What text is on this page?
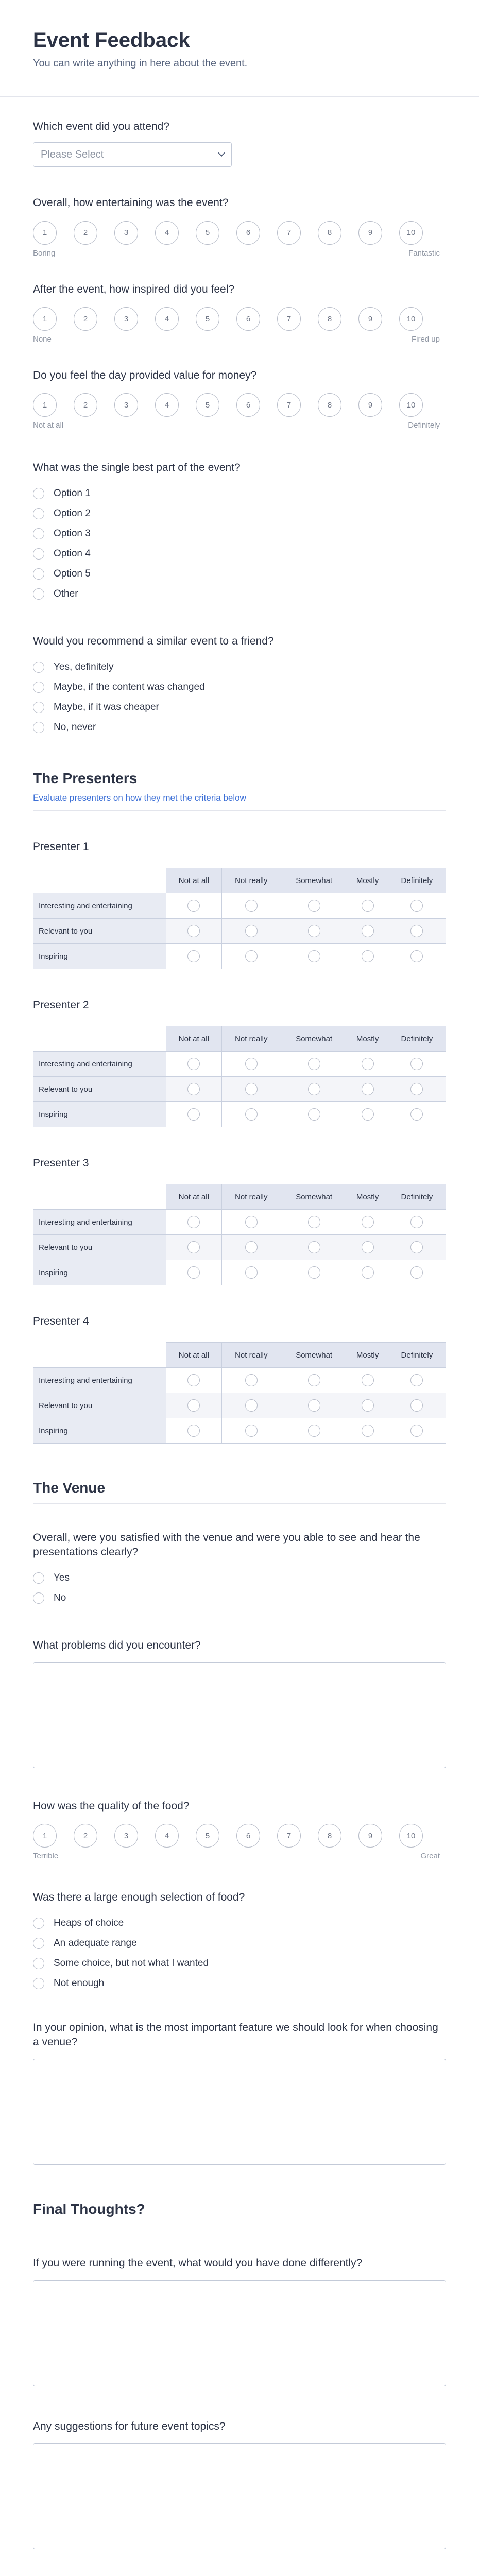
Event Feedback

You can write anything in here about the event.

Which event did you attend?
Please Select
Overall, how entertaining was the event?
1	2	3	4	5	6	7	8	9	10
Boring	Fantastic
After the event, how inspired did you feel?
1	2	3	4	5	6	7	8	9	10
None	Fired up
Do you feel the day provided value for money?
1	2	3	4	5	6	7	8	9	10
Not at all	Definitely
What was the single best part of the event?
Option 1
Option 2
Option 3
Option 4
Option 5
Other
Would you recommend a similar event to a friend?
Yes, definitely
Maybe, if the content was changed
Maybe, if it was cheaper
No, never
The Presenters
Evaluate presenters on how they met the criteria below
Presenter 1
	Not at all	Not really	Somewhat	Mostly	Definitely
Interesting and entertaining					
Relevant to you					
Inspiring					
Presenter 2
	Not at all	Not really	Somewhat	Mostly	Definitely
Interesting and entertaining					
Relevant to you					
Inspiring					
Presenter 3
	Not at all	Not really	Somewhat	Mostly	Definitely
Interesting and entertaining					
Relevant to you					
Inspiring					
Presenter 4
	Not at all	Not really	Somewhat	Mostly	Definitely
Interesting and entertaining					
Relevant to you					
Inspiring					
The Venue
Overall, were you satisfied with the venue and were you able to see and hear the presentations clearly?
Yes
No
What problems did you encounter?
How was the quality of the food?
1	2	3	4	5	6	7	8	9	10
Terrible	Great
Was there a large enough selection of food?
Heaps of choice
An adequate range
Some choice, but not what I wanted
Not enough
In your opinion, what is the most important feature we should look for when choosing a venue?
Final Thoughts?
If you were running the event, what would you have done differently?
Any suggestions for future event topics?
